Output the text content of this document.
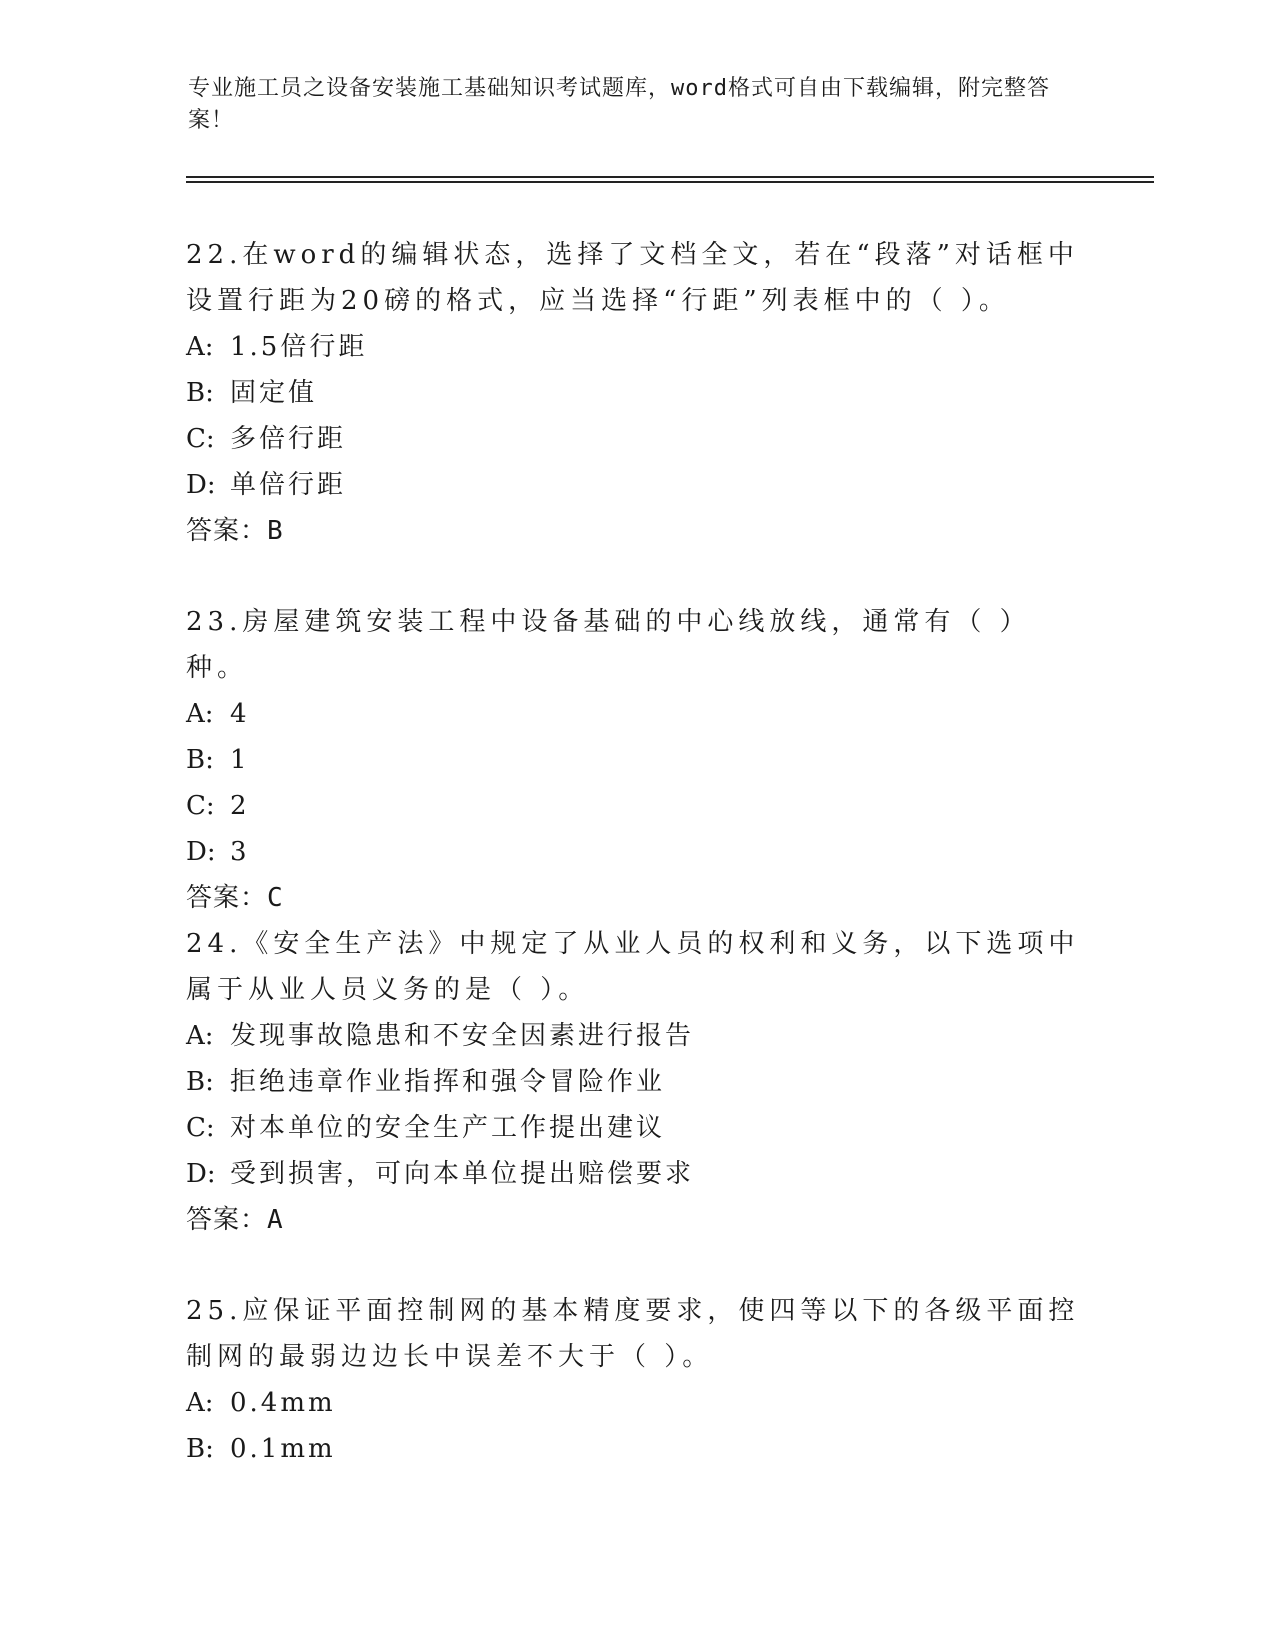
专业施工员之设备安装施工基础知识考试题库，word格式可自由下载编辑，附完整答案！

22.在word的编辑状态，选择了文档全文，若在“段落”对话框中设置行距为20磅的格式，应当选择“行距”列表框中的（ ）。

A: 1.5倍行距

B: 固定值

C: 多倍行距

D: 单倍行距

答案：B

23.房屋建筑安装工程中设备基础的中心线放线，通常有（ ）种。

A: 4

B: 1

C: 2

D: 3

答案：C

24.《安全生产法》中规定了从业人员的权利和义务，以下选项中属于从业人员义务的是（ ）。

A: 发现事故隐患和不安全因素进行报告

B: 拒绝违章作业指挥和强令冒险作业

C: 对本单位的安全生产工作提出建议

D: 受到损害，可向本单位提出赔偿要求

答案：A

25.应保证平面控制网的基本精度要求，使四等以下的各级平面控制网的最弱边边长中误差不大于（ ）。

A: 0.4mm

B: 0.1mm
